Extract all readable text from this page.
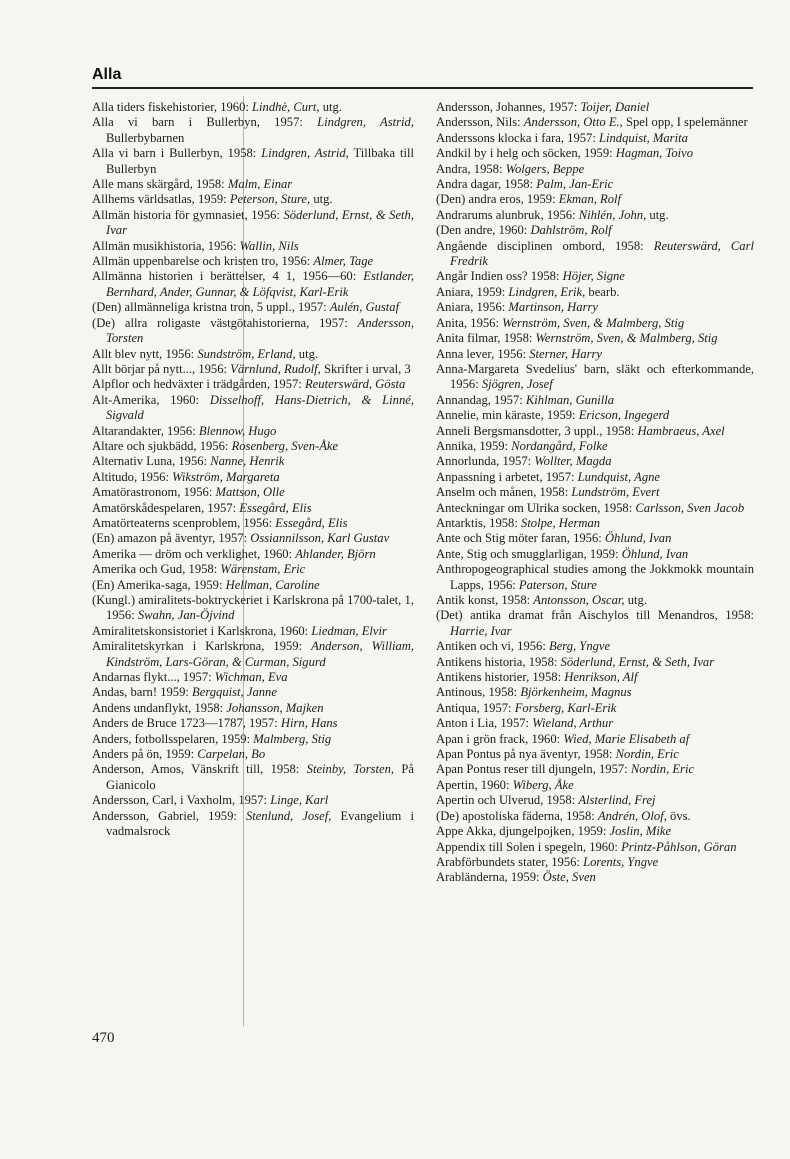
Alla
Alla tiders fiskehistorier, 1960: Lindhè, Curt, utg.
Alla vi barn i Bullerbyn, 1957: Lindgren, Astrid, Bullerbybarnen
Alla vi barn i Bullerbyn, 1958: Lindgren, Astrid, Tillbaka till Bullerbyn
Alle mans skärgård, 1958: Malm, Einar
Allhems världsatlas, 1959: Peterson, Sture, utg.
Allmän historia för gymnasiet, 1956: Söderlund, Ernst, & Seth, Ivar
Allmän musikhistoria, 1956: Wallin, Nils
Allmän uppenbarelse och kristen tro, 1956: Almer, Tage
Allmänna historien i berättelser, 4 1, 1956—60: Estlander, Bernhard, Ander, Gunnar, & Löfqvist, Karl-Erik
(Den) allmänneliga kristna tron, 5 uppl., 1957: Aulén, Gustaf
(De) allra roligaste västgötahistorierna, 1957: Andersson, Torsten
Allt blev nytt, 1956: Sundström, Erland, utg.
Allt börjar på nytt..., 1956: Värnlund, Rudolf, Skrifter i urval, 3
Alpflor och hedväxter i trädgården, 1957: Reuterswärd, Gösta
Alt-Amerika, 1960: Disselhoff, Hans-Dietrich, & Linné, Sigvald
Altarandakter, 1956: Blennow, Hugo
Altare och sjukbädd, 1956: Rosenberg, Sven-Åke
Alternativ Luna, 1956: Nanne, Henrik
Altitudo, 1956: Wikström, Margareta
Amatörastronom, 1956: Mattson, Olle
Amatörskådespelaren, 1957: Essegård, Elis
Amatörteaterns scenproblem, 1956: Essegård, Elis
(En) amazon på äventyr, 1957: Ossiannilsson, Karl Gustav
Amerika — dröm och verklighet, 1960: Ahlander, Björn
Amerika och Gud, 1958: Wärenstam, Eric
(En) Amerika-saga, 1959: Hellman, Caroline
(Kungl.) amiralitets-boktryckeriet i Karlskrona på 1700-talet, 1, 1956: Swahn, Jan-Öjvind
Amiralitetskonsistoriet i Karlskrona, 1960: Liedman, Elvir
Amiralitetskyrkan i Karlskrona, 1959: Anderson, William, Kindström, Lars-Göran, & Curman, Sigurd
Andarnas flykt..., 1957: Wichman, Eva
Andas, barn! 1959: Bergquist, Janne
Andens undanflykt, 1958: Johansson, Majken
Anders de Bruce 1723—1787, 1957: Hirn, Hans
Anders, fotbollsspelaren, 1959: Malmberg, Stig
Anders på ön, 1959: Carpelan, Bo
Anderson, Amos, Vänskrift till, 1958: Steinby, Torsten, På Gianicolo
Andersson, Carl, i Vaxholm, 1957: Linge, Karl
Andersson, Gabriel, 1959: Stenlund, Josef, Evangelium i vadmalsrock
Andersson, Johannes, 1957: Toijer, Daniel
Andersson, Nils: Andersson, Otto E., Spel opp, I spelemänner
Anderssons klocka i fara, 1957: Lindquist, Marita
Andkil by i helg och söcken, 1959: Hagman, Toivo
Andra, 1958: Wolgers, Beppe
Andra dagar, 1958: Palm, Jan-Eric
(Den) andra eros, 1959: Ekman, Rolf
Andrarums alunbruk, 1956: Nihlén, John, utg.
(Den andre, 1960: Dahlström, Rolf
Angående disciplinen ombord, 1958: Reuterswärd, Carl Fredrik
Angår Indien oss? 1958: Höjer, Signe
Aniara, 1959: Lindgren, Erik, bearb.
Aniara, 1956: Martinson, Harry
Anita, 1956: Wernström, Sven, & Malmberg, Stig
Anita filmar, 1958: Wernström, Sven, & Malmberg, Stig
Anna lever, 1956: Sterner, Harry
Anna-Margareta Svedelius' barn, släkt och efterkommande, 1956: Sjögren, Josef
Annandag, 1957: Kihlman, Gunilla
Annelie, min käraste, 1959: Ericson, Ingegerd
Anneli Bergsmansdotter, 3 uppl., 1958: Hambraeus, Axel
Annika, 1959: Nordangård, Folke
Annorlunda, 1957: Wollter, Magda
Anpassning i arbetet, 1957: Lundquist, Agne
Anselm och månen, 1958: Lundström, Evert
Anteckningar om Ulrika socken, 1958: Carlsson, Sven Jacob
Antarktis, 1958: Stolpe, Herman
Ante och Stig möter faran, 1956: Öhlund, Ivan
Ante, Stig och smugglarligan, 1959: Öhlund, Ivan
Anthropogeographical studies among the Jokkmokk mountain Lapps, 1956: Paterson, Sture
Antik konst, 1958: Antonsson, Oscar, utg.
(Det) antika dramat från Aischylos till Menandros, 1958: Harrie, Ivar
Antiken och vi, 1956: Berg, Yngve
Antikens historia, 1958: Söderlund, Ernst, & Seth, Ivar
Antikens historier, 1958: Henrikson, Alf
Antinous, 1958: Björkenheim, Magnus
Antiqua, 1957: Forsberg, Karl-Erik
Anton i Lia, 1957: Wieland, Arthur
Apan i grön frack, 1960: Wied, Marie Elisabeth af
Apan Pontus på nya äventyr, 1958: Nordin, Eric
Apan Pontus reser till djungeln, 1957: Nordin, Eric
Apertin, 1960: Wiberg, Åke
Apertin och Ulverud, 1958: Alsterlind, Frej
(De) apostoliska fäderna, 1958: Andrén, Olof, övs.
Appe Akka, djungelpojken, 1959: Joslin, Mike
Appendix till Solen i spegeln, 1960: Printz-Påhlson, Göran
Arabförbundets stater, 1956: Lorents, Yngve
Arabländerna, 1959: Öste, Sven
470
